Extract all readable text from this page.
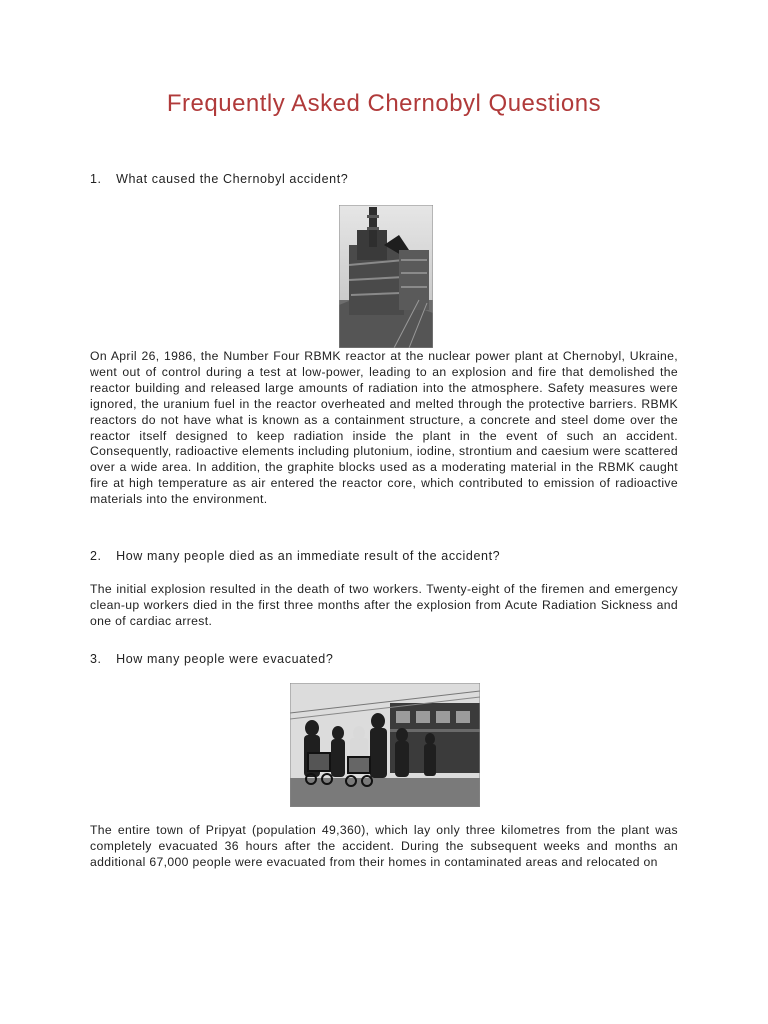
Frequently Asked Chernobyl Questions
1. What caused the Chernobyl accident?

On April 26, 1986, the Number Four RBMK reactor at the nuclear power plant at Chernobyl, Ukraine, went out of control during a test at low-power, leading to an explosion and fire that demolished the reactor building and released large amounts of radiation into the atmosphere. Safety measures were ignored, the uranium fuel in the reactor overheated and melted through the protective barriers. RBMK reactors do not have what is known as a containment structure, a concrete and steel dome over the reactor itself designed to keep radiation inside the plant in the event of such an accident. Consequently, radioactive elements including plutonium, iodine, strontium and caesium were scattered over a wide area. In addition, the graphite blocks used as a moderating material in the RBMK caught fire at high temperature as air entered the reactor core, which contributed to emission of radioactive materials into the environment.

2. How many people died as an immediate result of the accident?

The initial explosion resulted in the death of two workers. Twenty-eight of the firemen and emergency clean-up workers died in the first three months after the explosion from Acute Radiation Sickness and one of cardiac arrest.

3. How many people were evacuated?

The entire town of Pripyat (population 49,360), which lay only three kilometres from the plant was completely evacuated 36 hours after the accident. During the subsequent weeks and months an additional 67,000 people were evacuated from their homes in contaminated areas and relocated on
